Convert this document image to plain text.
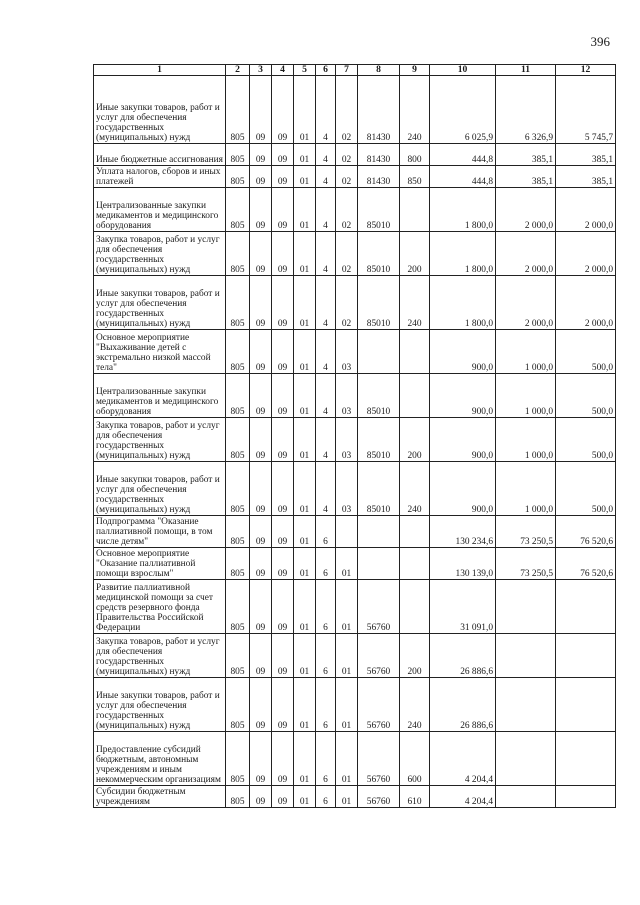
396
1	2	3	4	5	6	7	8	9	10	11	12
Иные закупки товаров, работ и услуг для обеспечения государственных (муниципальных) нужд	805	09	09	01	4	02	81430	240	6 025,9	6 326,9	5 745,7
Иные бюджетные ассигнования	805	09	09	01	4	02	81430	800	444,8	385,1	385,1
Уплата налогов, сборов и иных платежей	805	09	09	01	4	02	81430	850	444,8	385,1	385,1
Централизованные закупки медикаментов и медицинского оборудования	805	09	09	01	4	02	85010		1 800,0	2 000,0	2 000,0
Закупка товаров, работ и услуг для обеспечения государственных (муниципальных) нужд	805	09	09	01	4	02	85010	200	1 800,0	2 000,0	2 000,0
Иные закупки товаров, работ и услуг для обеспечения государственных (муниципальных) нужд	805	09	09	01	4	02	85010	240	1 800,0	2 000,0	2 000,0
Основное мероприятие "Выхаживание детей с экстремально низкой массой тела"	805	09	09	01	4	03			900,0	1 000,0	500,0
Централизованные закупки медикаментов и медицинского оборудования	805	09	09	01	4	03	85010		900,0	1 000,0	500,0
Закупка товаров, работ и услуг для обеспечения государственных (муниципальных) нужд	805	09	09	01	4	03	85010	200	900,0	1 000,0	500,0
Иные закупки товаров, работ и услуг для обеспечения государственных (муниципальных) нужд	805	09	09	01	4	03	85010	240	900,0	1 000,0	500,0
Подпрограмма "Оказание паллиативной помощи, в том числе детям"	805	09	09	01	6				130 234,6	73 250,5	76 520,6
Основное мероприятие "Оказание паллиативной помощи взрослым"	805	09	09	01	6	01			130 139,0	73 250,5	76 520,6
Развитие паллиативной медицинской помощи за счет средств резервного фонда Правительства Российской Федерации	805	09	09	01	6	01	56760		31 091,0		
Закупка товаров, работ и услуг для обеспечения государственных (муниципальных) нужд	805	09	09	01	6	01	56760	200	26 886,6		
Иные закупки товаров, работ и услуг для обеспечения государственных (муниципальных) нужд	805	09	09	01	6	01	56760	240	26 886,6		
Предоставление субсидий бюджетным, автономным учреждениям и иным некоммерческим организациям	805	09	09	01	6	01	56760	600	4 204,4		
Субсидии бюджетным учреждениям	805	09	09	01	6	01	56760	610	4 204,4		
